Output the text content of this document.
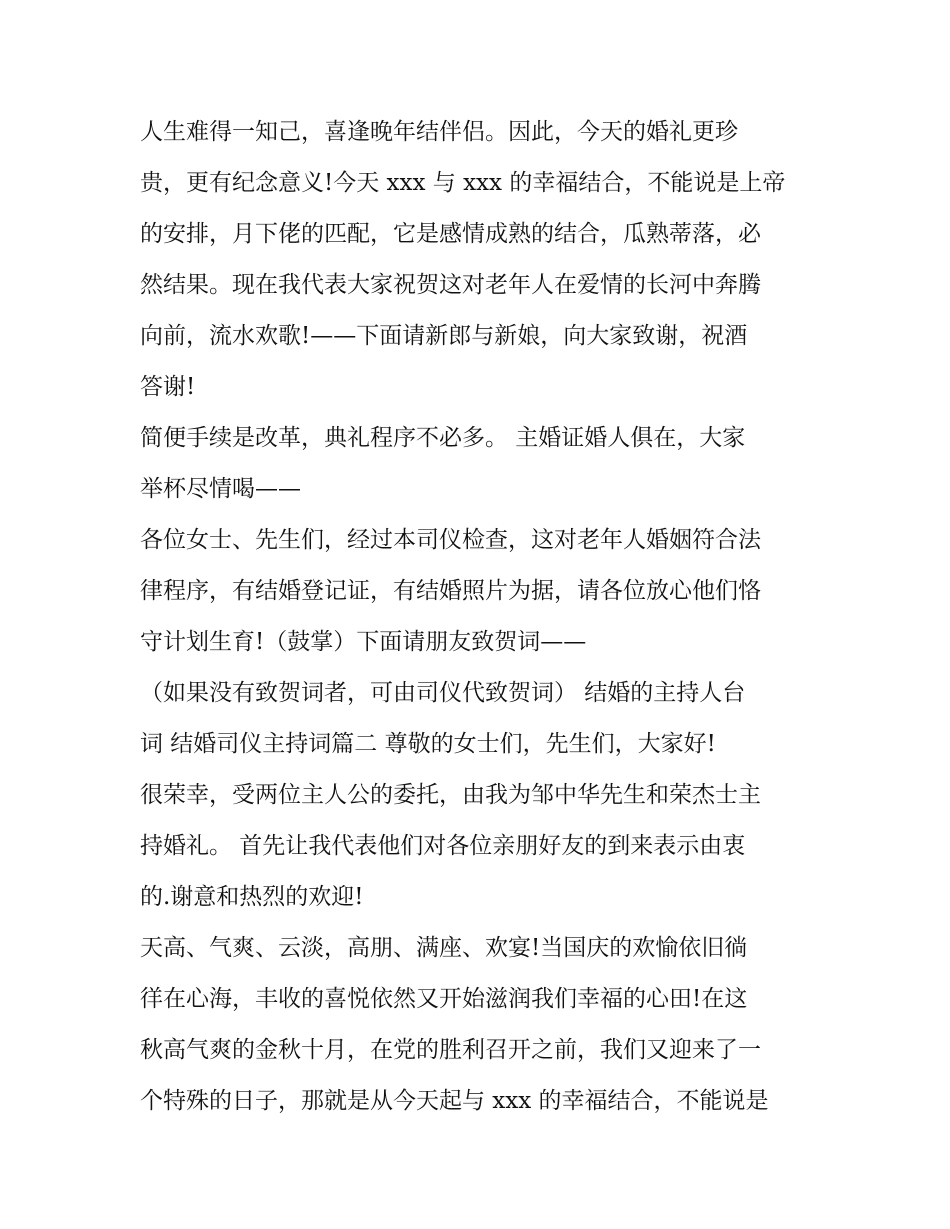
人生难得一知己，喜逢晚年结伴侣。因此，今天的婚礼更珍
贵，更有纪念意义!今天 xxx 与 xxx 的幸福结合，不能说是上帝
的安排，月下佬的匹配，它是感情成熟的结合，瓜熟蒂落，必
然结果。现在我代表大家祝贺这对老年人在爱情的长河中奔腾
向前，流水欢歌!——下面请新郎与新娘，向大家致谢，祝酒
答谢!
简便手续是改革，典礼程序不必多。 主婚证婚人俱在，大家
举杯尽情喝——
各位女士、先生们，经过本司仪检查，这对老年人婚姻符合法
律程序，有结婚登记证，有结婚照片为据，请各位放心他们恪
守计划生育!（鼓掌）下面请朋友致贺词——
（如果没有致贺词者，可由司仪代致贺词） 结婚的主持人台
词 结婚司仪主持词篇二 尊敬的女士们，先生们，大家好!
很荣幸，受两位主人公的委托，由我为邹中华先生和荣杰士主
持婚礼。 首先让我代表他们对各位亲朋好友的到来表示由衷
的.谢意和热烈的欢迎!
天高、气爽、云淡，高朋、满座、欢宴!当国庆的欢愉依旧徜
徉在心海，丰收的喜悦依然又开始滋润我们幸福的心田!在这
秋高气爽的金秋十月，在党的胜利召开之前，我们又迎来了一
个特殊的日子，那就是从今天起与 xxx 的幸福结合，不能说是
